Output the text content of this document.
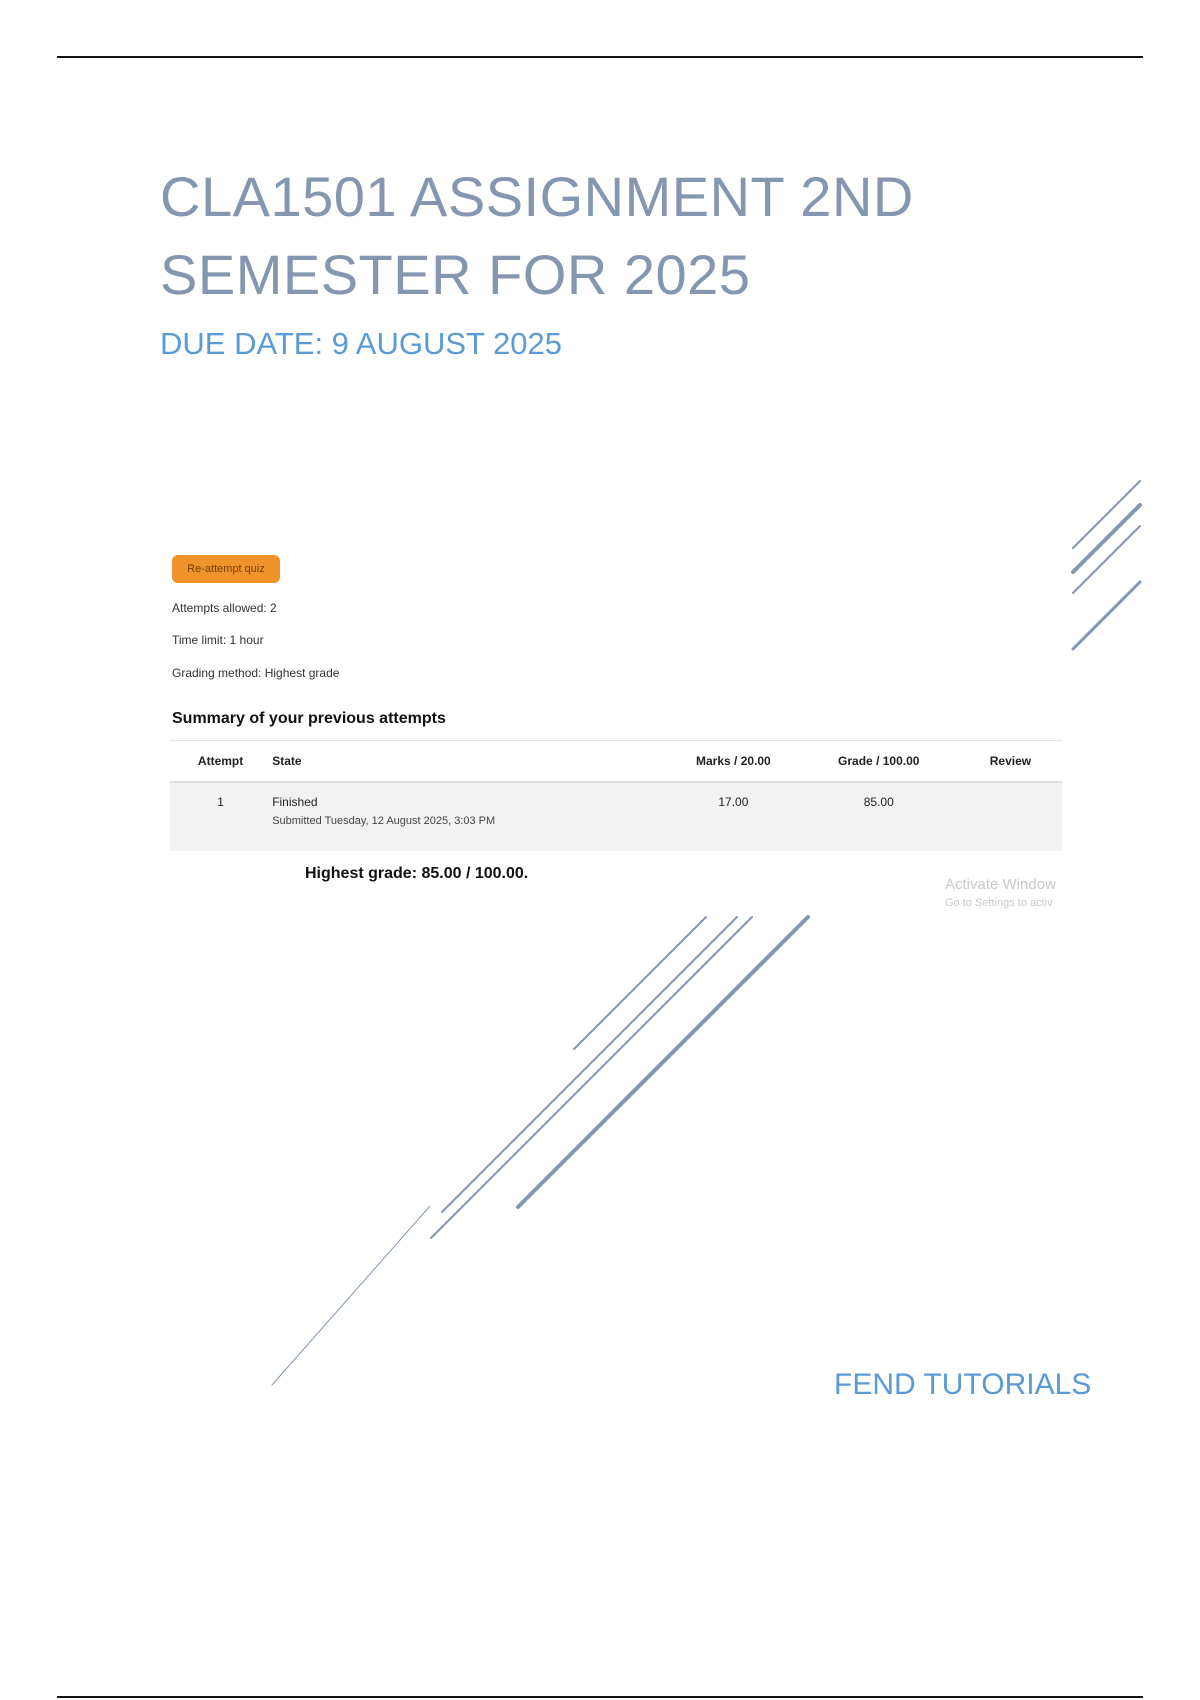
CLA1501 ASSIGNMENT 2ND
SEMESTER FOR 2025
DUE DATE: 9 AUGUST 2025
Re-attempt quiz
Attempts allowed: 2
Time limit: 1 hour
Grading method: Highest grade
Summary of your previous attempts
Attempt	State	Marks / 20.00	Grade / 100.00	Review
1	Finished
Submitted Tuesday, 12 August 2025, 3:03 PM	17.00	85.00	
Highest grade: 85.00 / 100.00.
Activate Window
Go to Settings to activ
FEND TUTORIALS
